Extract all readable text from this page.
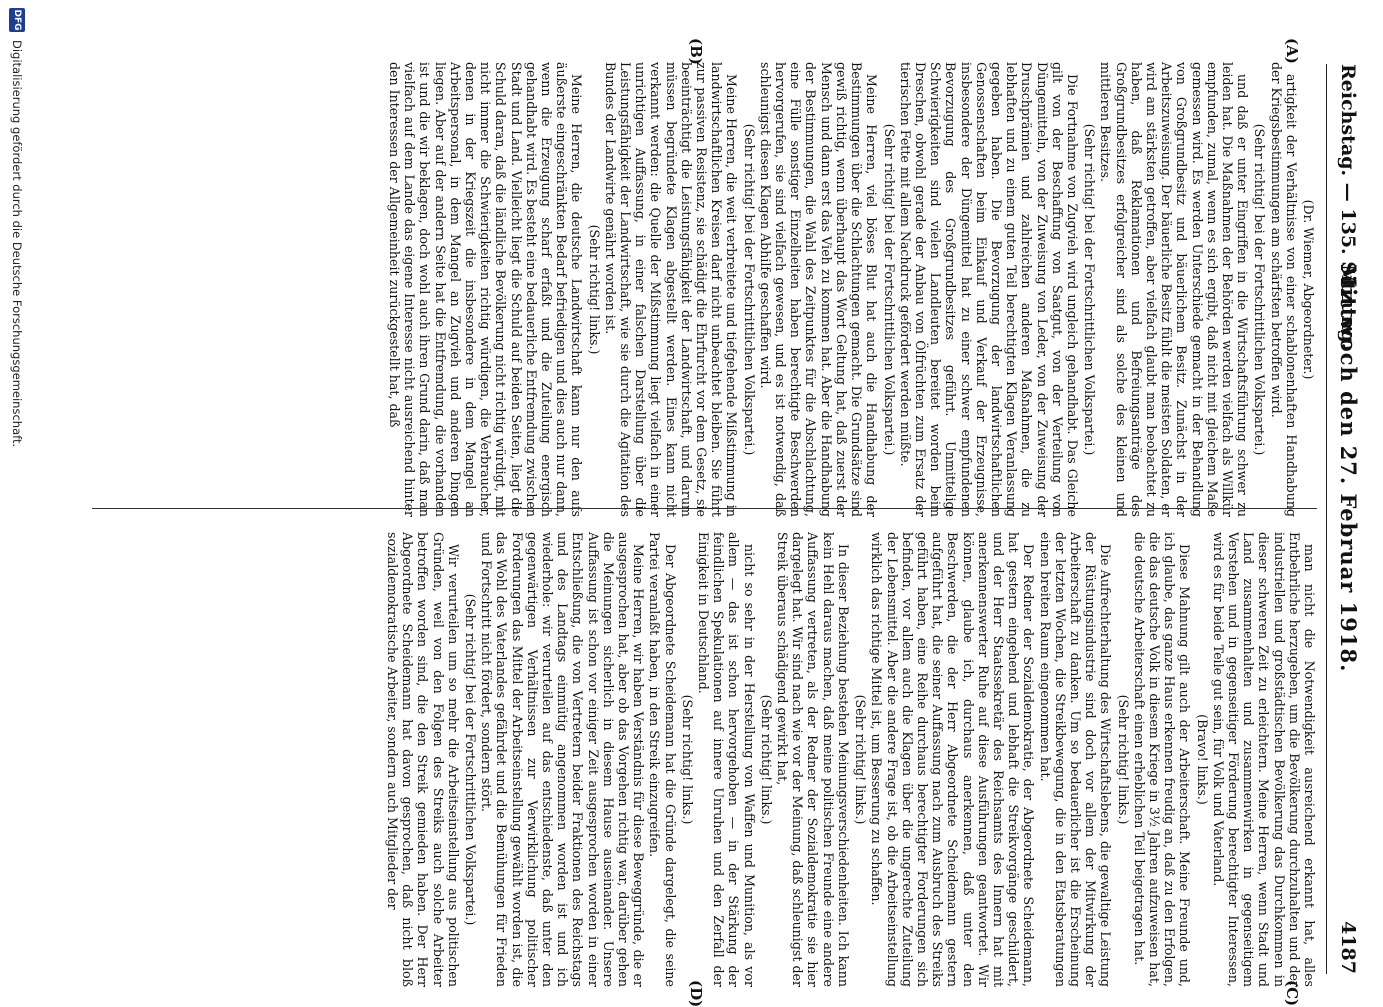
Reichstag. — 135. Sitzung.
Mittwoch den 27. Februar 1918.
4187
(A)
(B)
(C)
(D)

(Dr. Wiemer, Abgeordneter.)

artigkeit der Verhältnisse von einer schablonenhaften Handhabung der Kriegsbestimmungen am schärfsten betroffen wird.

(Sehr richtig! bei der Fortschrittlichen Volkspartei.)

und daß er unter Eingriffen in die Wirtschaftsführung schwer zu leiden hat. Die Maßnahmen der Behörden werden vielfach als Willkür empfunden, zumal, wenn es sich ergibt, daß nicht mit gleichem Maße gemessen wird. Es werden Unterschiede gemacht in der Behandlung von Großgrundbesitz und bäuerlichem Besitz. Zunächst in der Arbeitszuweisung. Der bäuerliche Besitz fühlt die meisten Soldaten, er wird am stärksten getroffen, aber vielfach glaubt man beobachtet zu haben, daß Reklamationen und Befreiungsanträge des Großgrundbesitzes erfolgreicher sind als solche des kleinen und mittleren Besitzes.

(Sehr richtig! bei der Fortschrittlichen Volkspartei.)

Die Fortnahme von Zugvieh wird ungleich gehandhabt. Das Gleiche gilt von der Beschaffung von Saatgut, von der Verteilung von Düngemitteln, von der Zuweisung von Leder, von der Zuweisung der Druschprämien und zahlreichen anderen Maßnahmen, die zu lebhaften und zu einem guten Teil berechtigten Klagen Veranlassung gegeben haben. Die Bevorzugung der landwirtschaftlichen Genossenschaften beim Einkauf und Verkauf der Erzeugnisse, insbesondere der Düngemittel hat zu einer schwer empfundenen Bevorzugung des Großgrundbesitzes geführt. Unmittelige Schwierigkeiten sind vielen Landleuten bereitet worden beim Dreschen, obwohl gerade der Anbau von Ölfrüchten zum Ersatz der tierischen Fette mit allem Nachdruck gefördert werden müßte.

(Sehr richtig! bei der Fortschrittlichen Volkspartei.)

Meine Herren, viel böses Blut hat auch die Handhabung der Bestimmungen über die Schlachtungen gemacht. Die Grundsätze sind gewiß richtig, wenn überhaupt das Wort Geltung hat, daß zuerst der Mensch und dann erst das Vieh zu kommen hat. Aber die Handhabung der Bestimmungen, die Wahl des Zeitpunktes für die Abschlachtung, eine Fülle sonstiger Einzelheiten haben berechtigte Beschwerden hervorgerufen, sie sind vielfach gewesen, und es ist notwendig, daß schleunigst diesen Klagen Abhilfe geschaffen wird.

(Sehr richtig! bei der Fortschrittlichen Volkspartei.)

Meine Herren, die weit verbreitete und tiefgehende Mißstimmung in landwirtschaftlichen Kreisen darf nicht unbeachtet bleiben. Sie führt zur passiven Resistenz, sie schädigt die Ehrfurcht vor dem Gesetz, sie beeinträchtigt die Leistungsfähigkeit der Landwirtschaft, und darum müssen begründete Klagen abgestellt werden. Eines kann nicht verkannt werden: die Quelle der Mißstimmung liegt vielfach in einer unrichtigen Auffassung, in einer falschen Darstellung über die Leistungsfähigkeit der Landwirtschaft, wie sie durch die Agitation des Bundes der Landwirte genährt worden ist.

(Sehr richtig! links.)

Meine Herren, die deutsche Landwirtschaft kann nur den aufs äußerste eingeschränkten Bedarf befriedigen und dies auch nur dann, wenn die Erzeugung scharf erfaßt und die Zuteilung energisch gehandhabt wird. Es besteht eine bedauerliche Entfremdung zwischen Stadt und Land. Vielleicht liegt die Schuld auf beiden Seiten, liegt die Schuld daran, daß die ländliche Bevölkerung nicht richtig würdigt, mit nicht immer die Schwierigkeiten richtig würdigen, die Verbraucher, denen in der Kriegszeit die insbesondere in dem Mangel an Arbeitspersonal, in dem Mangel an Zugvieh und anderen Dingen liegen. Aber auf der andern Seite hat die Entfremdung, die vorhanden ist und die wir beklagen, doch wohl auch ihren Grund darin, daß man vielfach auf dem Lande das eigene Interesse nicht ausreichend hinter den Interessen der Allgemeinheit zurückgestellt hat, daß

man nicht die Notwendigkeit ausreichend erkannt hat, alles Entbehrliche herzugeben, um die Bevölkerung durchzuhalten und der industriellen und großstädtischen Bevölkerung das Durchkommen in dieser schweren Zeit zu erleichtern. Meine Herren, wenn Stadt und Land zusammenhalten und zusammenwirken in gegenseitigem Verstehen und in gegenseitiger Förderung berechtigter Interessen, wird es für beide Teile gut sein, für Volk und Vaterland.

(Bravo! links.)

Diese Mahnung gilt auch der Arbeiterschaft. Meine Freunde und, ich glaube, das ganze Haus erkennen freudig an, daß zu den Erfolgen, die das deutsche Volk in diesem Kriege in 3½ Jahren aufzuweisen hat, die deutsche Arbeiterschaft einen erheblichen Teil beigetragen hat.

(Sehr richtig! links.)

Die Aufrechterhaltung des Wirtschaftslebens, die gewaltige Leistung der Rüstungsindustrie sind doch vor allem der Mitwirkung der Arbeiterschaft zu danken. Um so bedauerlicher ist die Erscheinung der letzten Wochen, die Streikbewegung, die in den Etatsberatungen einen breiten Raum eingenommen hat.

Der Redner der Sozialdemokratie, der Abgeordnete Scheidemann, hat gestern eingehend und lebhaft die Streikvorgänge geschildert, und der Herr Staatssekretär des Reichsamts des Innern hat mit anerkennenswerter Ruhe auf diese Ausführungen geantwortet. Wir können, glaube ich, durchaus anerkennen, daß unter den Beschwerden, die der Herr Abgeordnete Scheidemann gestern aufgeführt hat, die seiner Auffassung nach zum Ausbruch des Streiks geführt haben, eine Reihe durchaus berechtigter Forderungen sich befinden, vor allem auch die Klagen über die ungerechte Zuteilung der Lebensmittel. Aber die andere Frage ist, ob die Arbeitseinstellung wirklich das richtige Mittel ist, um Besserung zu schaffen.

(Sehr richtig! links.)

In dieser Beziehung bestehen Meinungsverschiedenheiten. Ich kann kein Hehl daraus machen, daß meine politischen Freunde eine andere Auffassung vertreten, als der Redner der Sozialdemokratie sie hier dargelegt hat. Wir sind nach wie vor der Meinung, daß schleunigst der Streik überaus schädigend gewirkt hat,

(Sehr richtig! links.)

nicht so sehr in der Herstellung von Waffen und Munition, als vor allem — das ist schon hervorgehoben — in der Stärkung der feindlichen Spekulationen auf innere Unruhen und den Zerfall der Einigkeit in Deutschland.

(Sehr richtig! links.)

Der Abgeordnete Scheidemann hat die Gründe dargelegt, die seine Partei veranlaßt haben, in den Streik einzugreifen.

Meine Herren, wir haben Verständnis für diese Beweggründe, die er ausgesprochen hat, aber ob das Vorgehen richtig war, darüber gehen die Meinungen sicherlich in diesem Hause auseinander. Unsere Auffassung ist schon vor einiger Zeit ausgesprochen worden in einer Entschließung, die von Vertretern beider Fraktionen des Reichstags und des Landtags einmütig angenommen worden ist und ich wiederhole: wir verurteilen auf das entschiedenste, daß unter den gegenwärtigen Verhältnissen zur Verwirklichung politischer Forderungen das Mittel der Arbeitseinstellung gewählt worden ist, die das Wohl des Vaterlandes gefährdet und die Bemühungen für Frieden und Fortschritt nicht fördert, sondern stört.

(Sehr richtig! bei der Fortschrittlichen Volkspartei.)

Wir verurteilen um so mehr die Arbeitseinstellung aus politischen Gründen, weil von den Folgen des Streiks auch solche Arbeiter betroffen worden sind, die den Streik gemieden haben. Der Herr Abgeordnete Scheidemann hat davon gesprochen, daß nicht bloß sozialdemokratische Arbeiter, sondern auch Mitglieder der

DFG
Digitalisierung gefördert durch die Deutsche Forschungsgemeinschaft.
